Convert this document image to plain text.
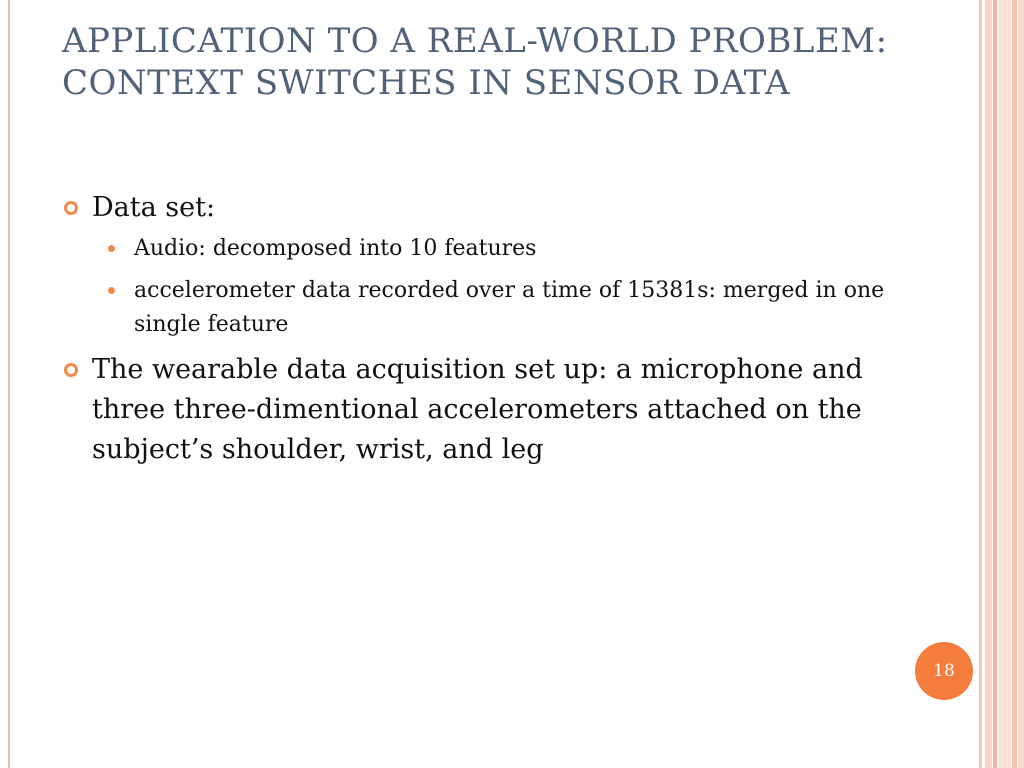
APPLICATION TO A REAL-WORLD PROBLEM: CONTEXT SWITCHES IN SENSOR DATA
Data set:
Audio: decomposed into 10 features
accelerometer data recorded over a time of 15381s: merged in one single feature
The wearable data acquisition set up: a microphone and three three-dimentional accelerometers attached on the subject’s shoulder, wrist, and leg
18
